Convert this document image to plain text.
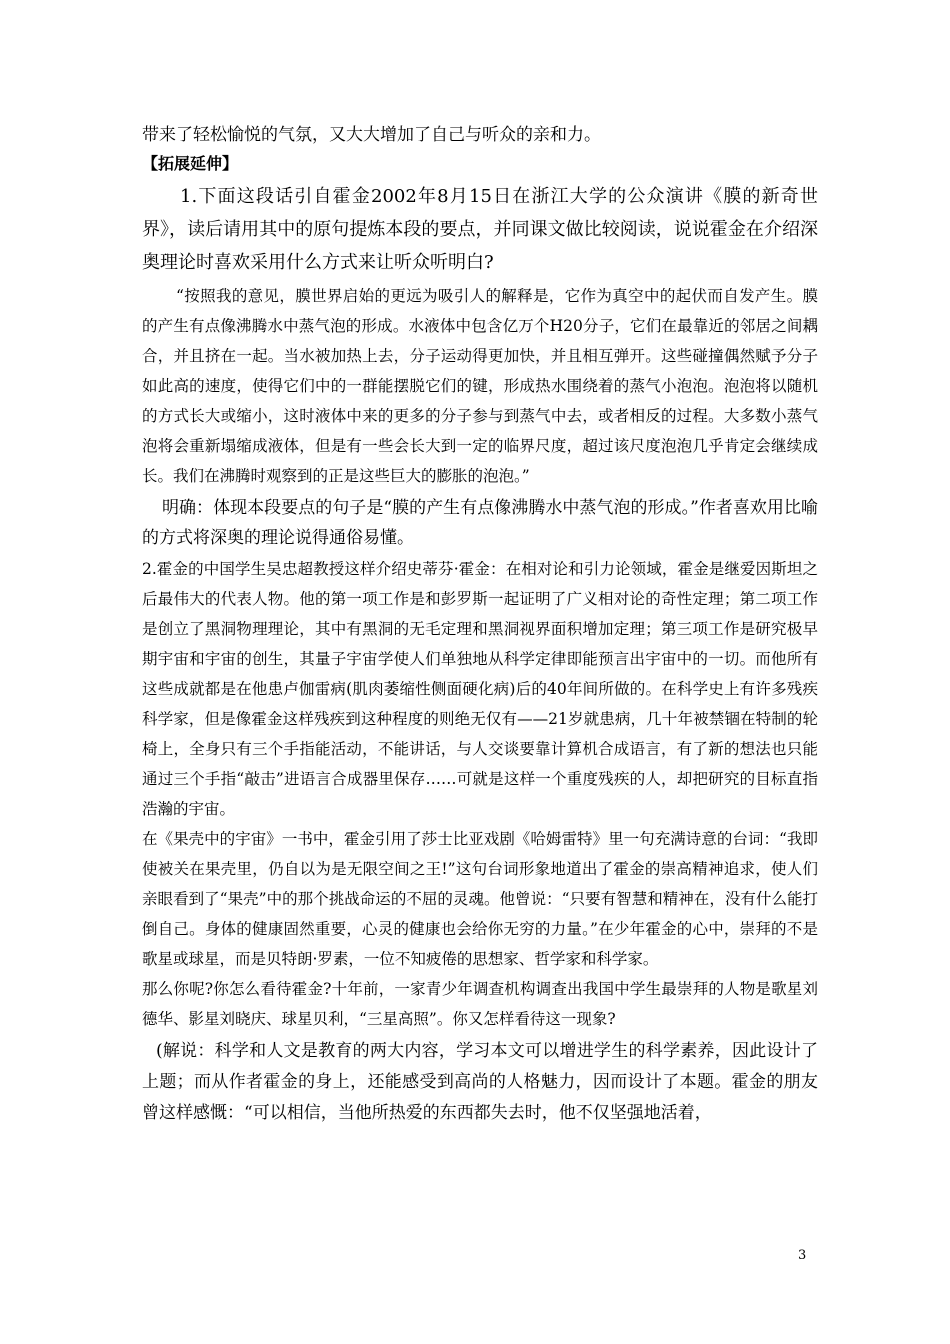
带来了轻松愉悦的气氛，又大大增加了自己与听众的亲和力。

【拓展延伸】

1.下面这段话引自霍金2002年8月15日在浙江大学的公众演讲《膜的新奇世界》，读后请用其中的原句提炼本段的要点，并同课文做比较阅读，说说霍金在介绍深奥理论时喜欢采用什么方式来让听众听明白?

“按照我的意见，膜世界启始的更远为吸引人的解释是，它作为真空中的起伏而自发产生。膜的产生有点像沸腾水中蒸气泡的形成。水液体中包含亿万个H20分子，它们在最靠近的邻居之间耦合，并且挤在一起。当水被加热上去，分子运动得更加快，并且相互弹开。这些碰撞偶然赋予分子如此高的速度，使得它们中的一群能摆脱它们的键，形成热水围绕着的蒸气小泡泡。泡泡将以随机的方式长大或缩小，这时液体中来的更多的分子参与到蒸气中去，或者相反的过程。大多数小蒸气泡将会重新塌缩成液体，但是有一些会长大到一定的临界尺度，超过该尺度泡泡几乎肯定会继续成长。我们在沸腾时观察到的正是这些巨大的膨胀的泡泡。”

明确：体现本段要点的句子是“膜的产生有点像沸腾水中蒸气泡的形成。”作者喜欢用比喻的方式将深奥的理论说得通俗易懂。

2.霍金的中国学生吴忠超教授这样介绍史蒂芬·霍金：在相对论和引力论领域，霍金是继爱因斯坦之后最伟大的代表人物。他的第一项工作是和彭罗斯一起证明了广义相对论的奇性定理；第二项工作是创立了黑洞物理理论，其中有黑洞的无毛定理和黑洞视界面积增加定理；第三项工作是研究极早期宇宙和宇宙的创生，其量子宇宙学使人们单独地从科学定律即能预言出宇宙中的一切。而他所有这些成就都是在他患卢伽雷病(肌肉萎缩性侧面硬化病)后的40年间所做的。在科学史上有许多残疾科学家，但是像霍金这样残疾到这种程度的则绝无仅有——21岁就患病，几十年被禁锢在特制的轮椅上，全身只有三个手指能活动，不能讲话，与人交谈要靠计算机合成语言，有了新的想法也只能通过三个手指“敲击”进语言合成器里保存……可就是这样一个重度残疾的人，却把研究的目标直指浩瀚的宇宙。

在《果壳中的宇宙》一书中，霍金引用了莎士比亚戏剧《哈姆雷特》里一句充满诗意的台词：“我即使被关在果壳里，仍自以为是无限空间之王!”这句台词形象地道出了霍金的崇高精神追求，使人们亲眼看到了“果壳”中的那个挑战命运的不屈的灵魂。他曾说：“只要有智慧和精神在，没有什么能打倒自己。身体的健康固然重要，心灵的健康也会给你无穷的力量。”在少年霍金的心中，崇拜的不是歌星或球星，而是贝特朗·罗素，一位不知疲倦的思想家、哲学家和科学家。

那么你呢?你怎么看待霍金?十年前，一家青少年调查机构调查出我国中学生最崇拜的人物是歌星刘德华、影星刘晓庆、球星贝利，“三星高照”。你又怎样看待这一现象?

(解说：科学和人文是教育的两大内容，学习本文可以增进学生的科学素养，因此设计了上题；而从作者霍金的身上，还能感受到高尚的人格魅力，因而设计了本题。霍金的朋友曾这样感慨：“可以相信，当他所热爱的东西都失去时，他不仅坚强地活着，

3
